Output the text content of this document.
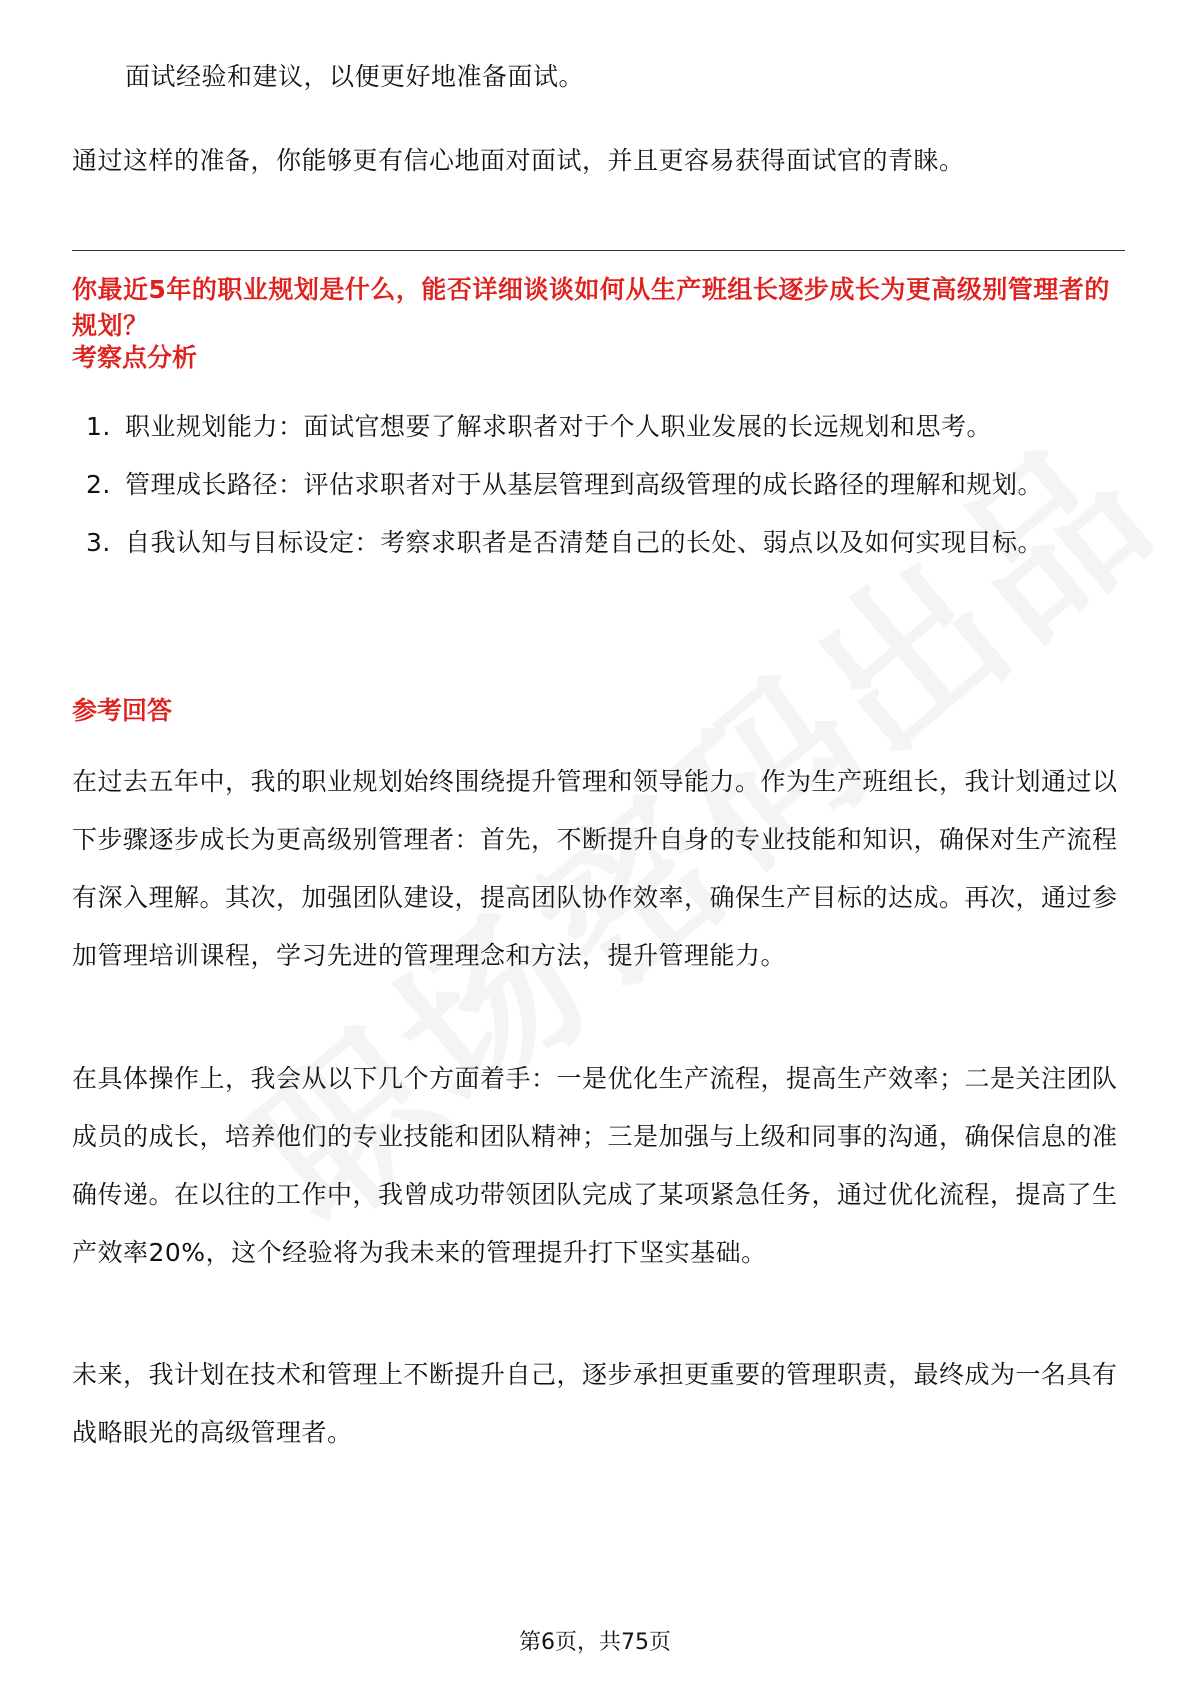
面试经验和建议，以便更好地准备面试。
通过这样的准备，你能够更有信心地面对面试，并且更容易获得面试官的青睐。
你最近5年的职业规划是什么，能否详细谈谈如何从生产班组长逐步成长为更高级别管理者的规划？
考察点分析
1. 职业规划能力：面试官想要了解求职者对于个人职业发展的长远规划和思考。
2. 管理成长路径：评估求职者对于从基层管理到高级管理的成长路径的理解和规划。
3. 自我认知与目标设定：考察求职者是否清楚自己的长处、弱点以及如何实现目标。
参考回答
在过去五年中，我的职业规划始终围绕提升管理和领导能力。作为生产班组长，我计划通过以下步骤逐步成长为更高级别管理者：首先，不断提升自身的专业技能和知识，确保对生产流程有深入理解。其次，加强团队建设，提高团队协作效率，确保生产目标的达成。再次，通过参加管理培训课程，学习先进的管理理念和方法，提升管理能力。
在具体操作上，我会从以下几个方面着手：一是优化生产流程，提高生产效率；二是关注团队成员的成长，培养他们的专业技能和团队精神；三是加强与上级和同事的沟通，确保信息的准确传递。在以往的工作中，我曾成功带领团队完成了某项紧急任务，通过优化流程，提高了生产效率20%，这个经验将为我未来的管理提升打下坚实基础。
未来，我计划在技术和管理上不断提升自己，逐步承担更重要的管理职责，最终成为一名具有战略眼光的高级管理者。
第6页，共75页
